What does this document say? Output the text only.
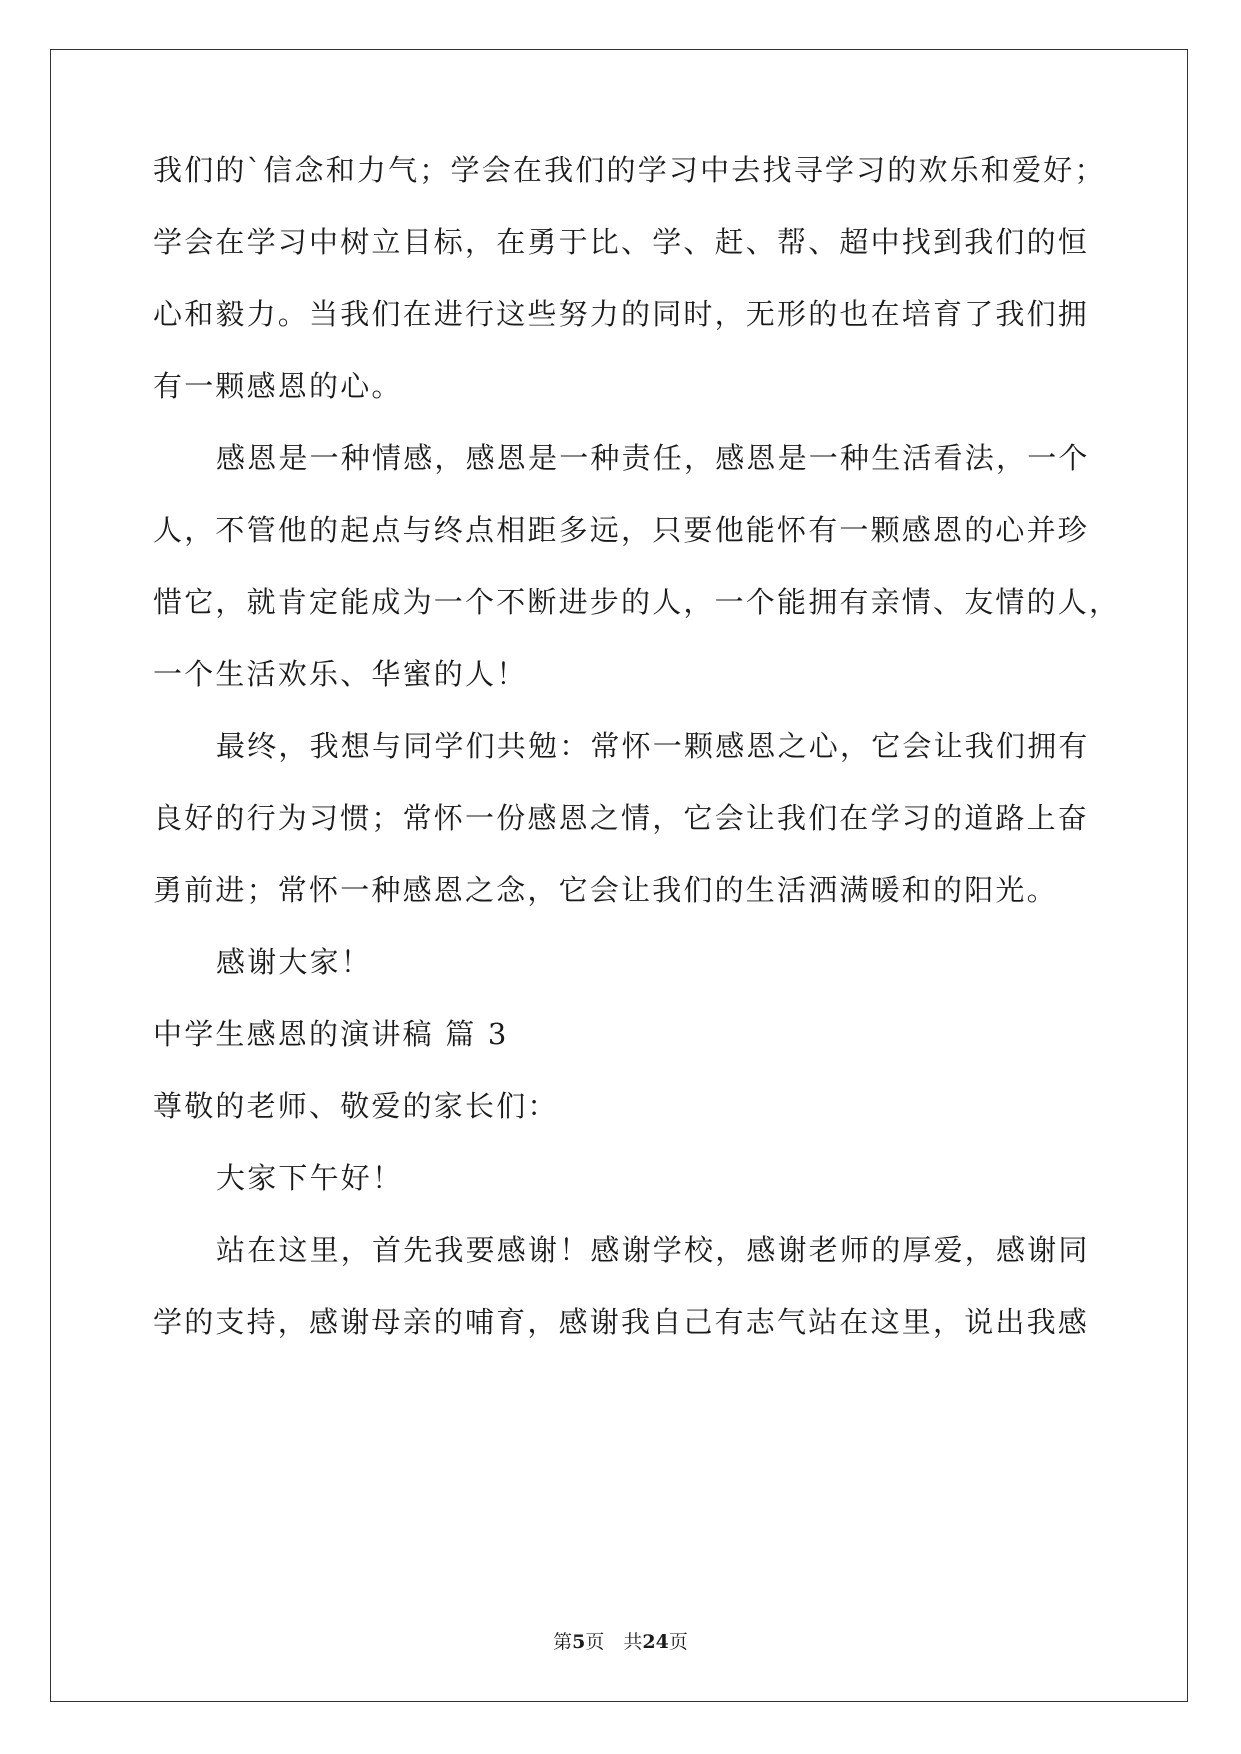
我们的`信念和力气；学会在我们的学习中去找寻学习的欢乐和爱好；
学会在学习中树立目标，在勇于比、学、赶、帮、超中找到我们的恒
心和毅力。当我们在进行这些努力的同时，无形的也在培育了我们拥
有一颗感恩的心。
感恩是一种情感，感恩是一种责任，感恩是一种生活看法，一个
人，不管他的起点与终点相距多远，只要他能怀有一颗感恩的心并珍
惜它，就肯定能成为一个不断进步的人，一个能拥有亲情、友情的人，
一个生活欢乐、华蜜的人！
最终，我想与同学们共勉：常怀一颗感恩之心，它会让我们拥有
良好的行为习惯；常怀一份感恩之情，它会让我们在学习的道路上奋
勇前进；常怀一种感恩之念，它会让我们的生活洒满暖和的阳光。
感谢大家！
中学生感恩的演讲稿 篇 3
尊敬的老师、敬爱的家长们：
大家下午好！
站在这里，首先我要感谢！感谢学校，感谢老师的厚爱，感谢同
学的支持，感谢母亲的哺育，感谢我自己有志气站在这里，说出我感
第5页　共24页
